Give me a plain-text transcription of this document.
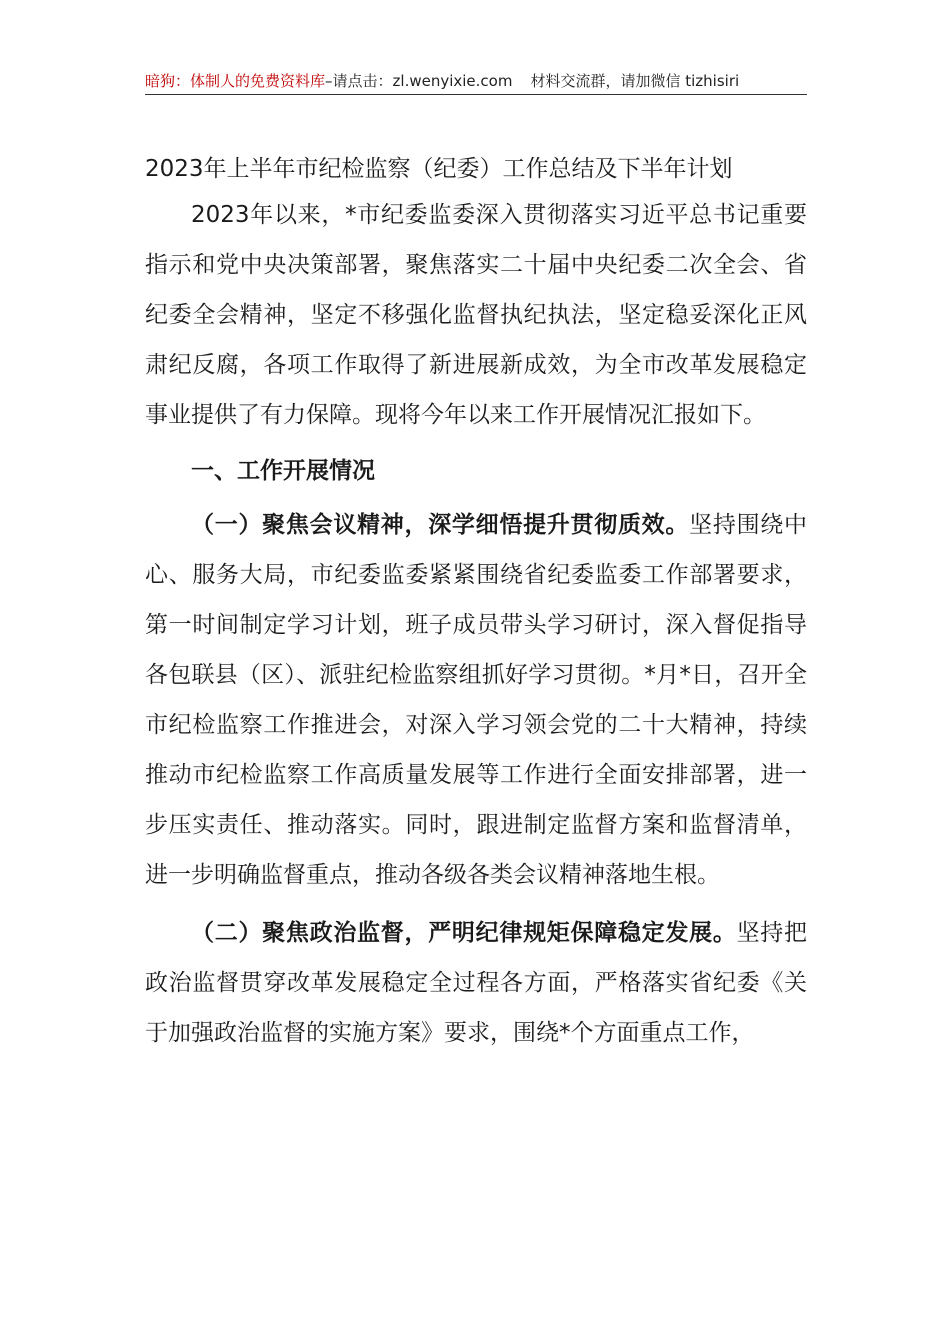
暗狗：体制人的免费资料库–请点击：zl.wenyixie.com 材料交流群，请加微信 tizhisiri
2023年上半年市纪检监察（纪委）工作总结及下半年计划

2023年以来，*市纪委监委深入贯彻落实习近平总书记重要指示和党中央决策部署，聚焦落实二十届中央纪委二次全会、省纪委全会精神，坚定不移强化监督执纪执法，坚定稳妥深化正风肃纪反腐，各项工作取得了新进展新成效，为全市改革发展稳定事业提供了有力保障。现将今年以来工作开展情况汇报如下。

一、工作开展情况

（一）聚焦会议精神，深学细悟提升贯彻质效。坚持围绕中心、服务大局，市纪委监委紧紧围绕省纪委监委工作部署要求，第一时间制定学习计划，班子成员带头学习研讨，深入督促指导各包联县（区）、派驻纪检监察组抓好学习贯彻。*月*日，召开全市纪检监察工作推进会，对深入学习领会党的二十大精神，持续推动市纪检监察工作高质量发展等工作进行全面安排部署，进一步压实责任、推动落实。同时，跟进制定监督方案和监督清单，进一步明确监督重点，推动各级各类会议精神落地生根。

（二）聚焦政治监督，严明纪律规矩保障稳定发展。坚持把政治监督贯穿改革发展稳定全过程各方面，严格落实省纪委《关于加强政治监督的实施方案》要求，围绕*个方面重点工作，
